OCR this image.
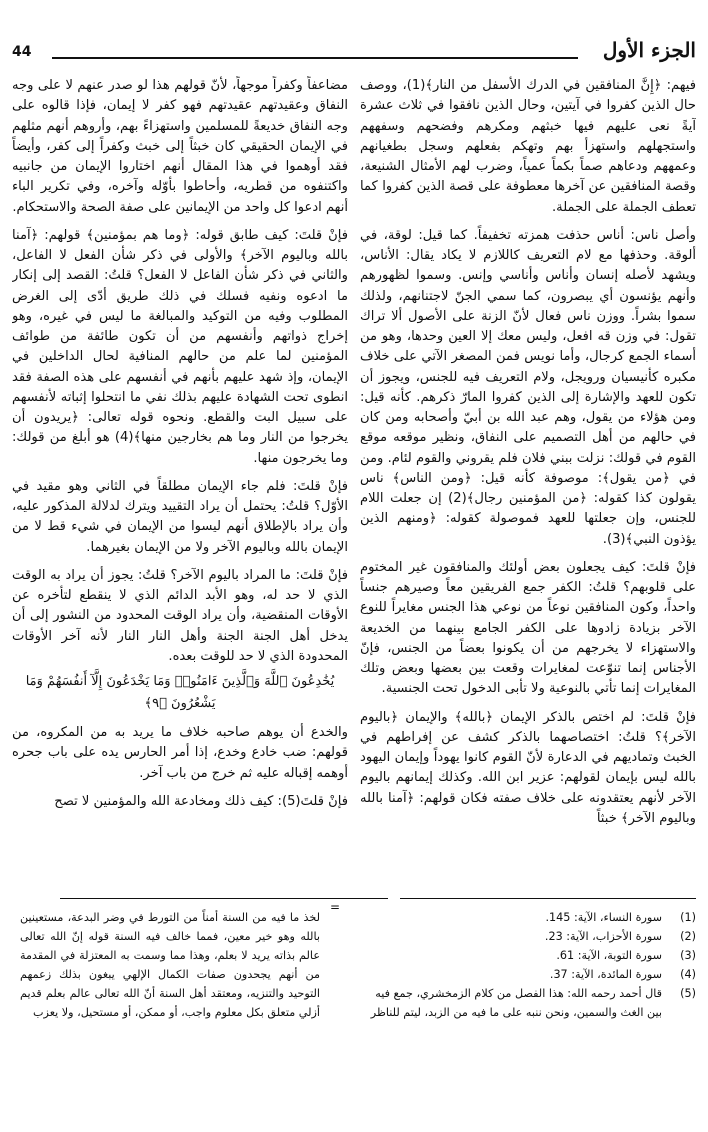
44	الجزء الأول

فيهم: ﴿إِنَّ المنافقين في الدرك الأسفل من النار﴾(1)، ووصف حال الذين كفروا في آيتين، وحال الذين نافقوا في ثلاث عشرة آيةً نعى عليهم فيها خبثهم ومكرهم وفضحهم وسفههم واستجهلهم واستهزأ بهم وتهكم بفعلهم وسجل بطغيانهم وعمههم ودعاهم صماً بكماً عمياً، وضرب لهم الأمثال الشنيعة، وقصة المنافقين عن آخرها معطوفة على قصة الذين كفروا كما تعطف الجملة على الجملة.

وأصل ناس: أناس حذفت همزته تخفيفاً. كما قيل: لوقة، في ألوقة. وحذفها مع لام التعريف كاللازم لا يكاد يقال: الأناس، ويشهد لأصله إنسان وأناس وأناسي وإنس. وسموا لظهورهم وأنهم يؤنسون أي يبصرون، كما سمي الجنّ لاجتنانهم، ولذلك سموا بشراً. ووزن ناس فعال لأنّ الزنة على الأصول ألا تراك تقول: في وزن قه افعل، وليس معك إلا العين وحدها، وهو من أسماء الجمع كرجال، وأما نويس فمن المصغر الآتي على خلاف مكبره كأنيسيان ورويجل، ولام التعريف فيه للجنس، ويجوز أن تكون للعهد والإشارة إلى الذين كفروا المارّ ذكرهم. كأنه قيل: ومن هؤلاء من يقول، وهم عبد الله بن أبيّ وأصحابه ومن كان في حالهم من أهل التصميم على النفاق، ونظير موقعه موقع القوم في قولك: نزلت ببني فلان فلم يقروني والقوم لئام. ومن في ﴿من يقول﴾: موصوفة كأنه قيل: ﴿ومن الناس﴾ ناس يقولون كذا كقوله: ﴿من المؤمنين رجال﴾(2) إن جعلت اللام للجنس، وإن جعلتها للعهد فموصولة كقوله: ﴿ومنهم الذين يؤذون النبي﴾(3).

فإنْ قلتَ: كيف يجعلون بعض أولئك والمنافقون غير المختوم على قلوبهم؟ قلتُ: الكفر جمع الفريقين معاً وصيرهم جنساً واحداً، وكون المنافقين نوعاً من نوعي هذا الجنس مغايراً للنوع الآخر بزيادة زادوها على الكفر الجامع بينهما من الخديعة والاستهزاء لا يخرجهم من أن يكونوا بعضاً من الجنس، فإنّ الأجناس إنما تنوّعت لمغايرات وقعت بين بعضها وبعض وتلك المغايرات إنما تأتي بالنوعية ولا تأبى الدخول تحت الجنسية.

فإنْ قلتَ: لم اختص بالذكر الإيمان ﴿بالله﴾ والإيمان ﴿باليوم الآخر﴾؟ قلتُ: اختصاصهما بالذكر كشف عن إفراطهم في الخبث وتماديهم في الدعارة لأنّ القوم كانوا يهوداً وإيمان اليهود بالله ليس بإيمان لقولهم: عزير ابن الله. وكذلك إيمانهم باليوم الآخر لأنهم يعتقدونه على خلاف صفته فكان قولهم: ﴿آمنا بالله وباليوم الآخر﴾ خبثاً

مضاعفاً وكفراً موجهاً، لأنّ قولهم هذا لو صدر عنهم لا على وجه النفاق وعقيدتهم عقيدتهم فهو كفر لا إيمان، فإذا قالوه على وجه النفاق خديعةً للمسلمين واستهزاءً بهم، وأروهم أنهم مثلهم في الإيمان الحقيقي كان خبثاً إلى خبث وكفراً إلى كفر، وأيضاً فقد أوهموا في هذا المقال أنهم اختاروا الإيمان من جانبيه واكتنفوه من قطريه، وأحاطوا بأوّله وآخره، وفي تكرير الباء أنهم ادعوا كل واحد من الإيمانين على صفة الصحة والاستحكام.

فإنْ قلتَ: كيف طابق قوله: ﴿وما هم بمؤمنين﴾ قولهم: ﴿آمنا بالله وباليوم الآخر﴾ والأولى في ذكر شأن الفعل لا الفاعل، والثاني في ذكر شأن الفاعل لا الفعل؟ قلتُ: القصد إلى إنكار ما ادعوه ونفيه فسلك في ذلك طريق أدّى إلى الغرض المطلوب وفيه من التوكيد والمبالغة ما ليس في غيره، وهو إخراج ذواتهم وأنفسهم من أن تكون طائفة من طوائف المؤمنين لما علم من حالهم المنافية لحال الداخلين في الإيمان، وإذ شهد عليهم بأنهم في أنفسهم على هذه الصفة فقد انطوى تحت الشهادة عليهم بذلك نفي ما انتحلوا إثباته لأنفسهم على سبيل البت والقطع. ونحوه قوله تعالى: ﴿يريدون أن يخرجوا من النار وما هم بخارجين منها﴾(4) هو أبلغ من قولك: وما يخرجون منها.

فإنْ قلتَ: فلم جاء الإيمان مطلقاً في الثاني وهو مقيد في الأوّل؟ قلتُ: يحتمل أن يراد التقييد ويترك لدلالة المذكور عليه، وأن يراد بالإطلاق أنهم ليسوا من الإيمان في شيء قط لا من الإيمان بالله وباليوم الآخر ولا من الإيمان بغيرهما.

فإنْ قلتَ: ما المراد باليوم الآخر؟ قلتُ: يجوز أن يراد به الوقت الذي لا حد له، وهو الأبد الدائم الذي لا ينقطع لتأخره عن الأوقات المنقضية، وأن يراد الوقت المحدود من النشور إلى أن يدخل أهل الجنة الجنة وأهل النار النار لأنه آخر الأوقات المحدودة الذي لا حد للوقت بعده.

يُخَٰدِعُونَ ٱللَّهَ وَٱلَّذِينَ ءَامَنُوا۟ وَمَا يَخْدَعُونَ إِلَّآ أَنفُسَهُمْ وَمَا يَشْعُرُونَ ﴿٩﴾

والخدع أن يوهم صاحبه خلاف ما يريد به من المكروه، من قولهم: ضب خادع وخدع، إذا أمر الحارس يده على باب جحره أوهمه إقباله عليه ثم خرج من باب آخر.

فإنْ قلتَ(5): كيف ذلك ومخادعة الله والمؤمنين لا تصح

=
(1)
سورة النساء، الآية: 145.
(2)
سورة الأحزاب، الآية: 23.
(3)
سورة التوبة، الآية: 61.
(4)
سورة المائدة، الآية: 37.
(5)
قال أحمد رحمه الله: هذا الفصل من كلام الزمخشري، جمع فيه بين الغث والسمين، ونحن ننبه على ما فيه من الزبد، ليتم للناظر

لخذ ما فيه من السنة أمناً من التورط في وضر البدعة، مستعينين بالله وهو خير معين، فمما خالف فيه السنة قوله إنّ الله تعالى عالم بذاته يريد لا بعلم، وهذا مما وسمت به المعتزلة في المقدمة من أنهم يجحدون صفات الكمال الإلهي يبغون بذلك زعمهم التوحيد والتنزيه، ومعتقد أهل السنة أنّ الله تعالى عالم بعلم قديم أزلي متعلق بكل معلوم واجب، أو ممكن، أو مستحيل، ولا يعزب
